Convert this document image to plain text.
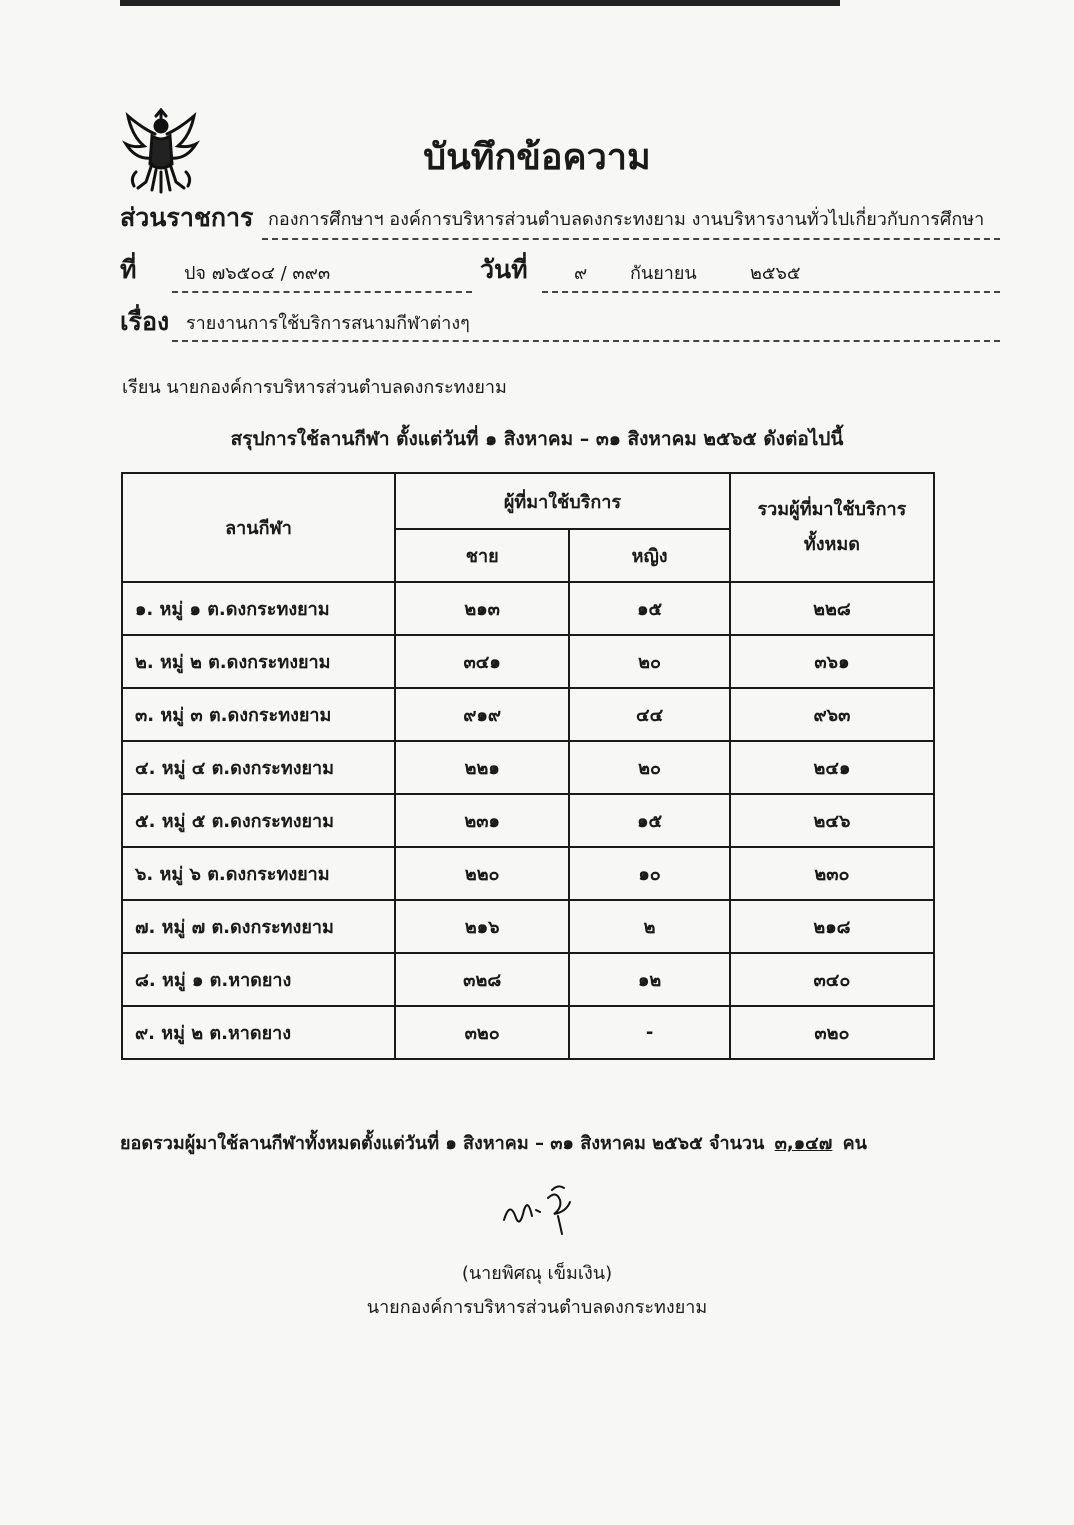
บันทึกข้อความ
ส่วนราชการ กองการศึกษาฯ องค์การบริหารส่วนตำบลดงกระทงยาม งานบริหารงานทั่วไปเกี่ยวกับการศึกษา
ที่	ปจ ๗๖๕๐๔ / ๓๙๓	วันที่	๙ กันยายน	๒๕๖๕
เรื่อง รายงานการใช้บริการสนามกีฬาต่างๆ
เรียน นายกองค์การบริหารส่วนตำบลดงกระทงยาม
สรุปการใช้ลานกีฬา ตั้งแต่วันที่ ๑ สิงหาคม – ๓๑ สิงหาคม ๒๕๖๕ ดังต่อไปนี้
ลานกีฬา	ผู้ที่มาใช้บริการ		รวมผู้ที่มาใช้บริการทั้งหมด
	ชาย	หญิง	
๑. หมู่ ๑ ต.ดงกระทงยาม	๒๑๓	๑๕	๒๒๘
๒. หมู่ ๒ ต.ดงกระทงยาม	๓๔๑	๒๐	๓๖๑
๓. หมู่ ๓ ต.ดงกระทงยาม	๙๑๙	๔๔	๙๖๓
๔. หมู่ ๔ ต.ดงกระทงยาม	๒๒๑	๒๐	๒๔๑
๕. หมู่ ๕ ต.ดงกระทงยาม	๒๓๑	๑๕	๒๔๖
๖. หมู่ ๖ ต.ดงกระทงยาม	๒๒๐	๑๐	๒๓๐
๗. หมู่ ๗ ต.ดงกระทงยาม	๒๑๖	๒	๒๑๘
๘. หมู่ ๑ ต.หาดยาง	๓๒๘	๑๒	๓๔๐
๙. หมู่ ๒ ต.หาดยาง	๓๒๐	-	๓๒๐
ยอดรวมผู้มาใช้ลานกีฬาทั้งหมดตั้งแต่วันที่ ๑ สิงหาคม – ๓๑ สิงหาคม ๒๕๖๕ จำนวน ๓,๑๔๗ คน
(นายพิศณุ เข็มเงิน)
นายกองค์การบริหารส่วนตำบลดงกระทงยาม
